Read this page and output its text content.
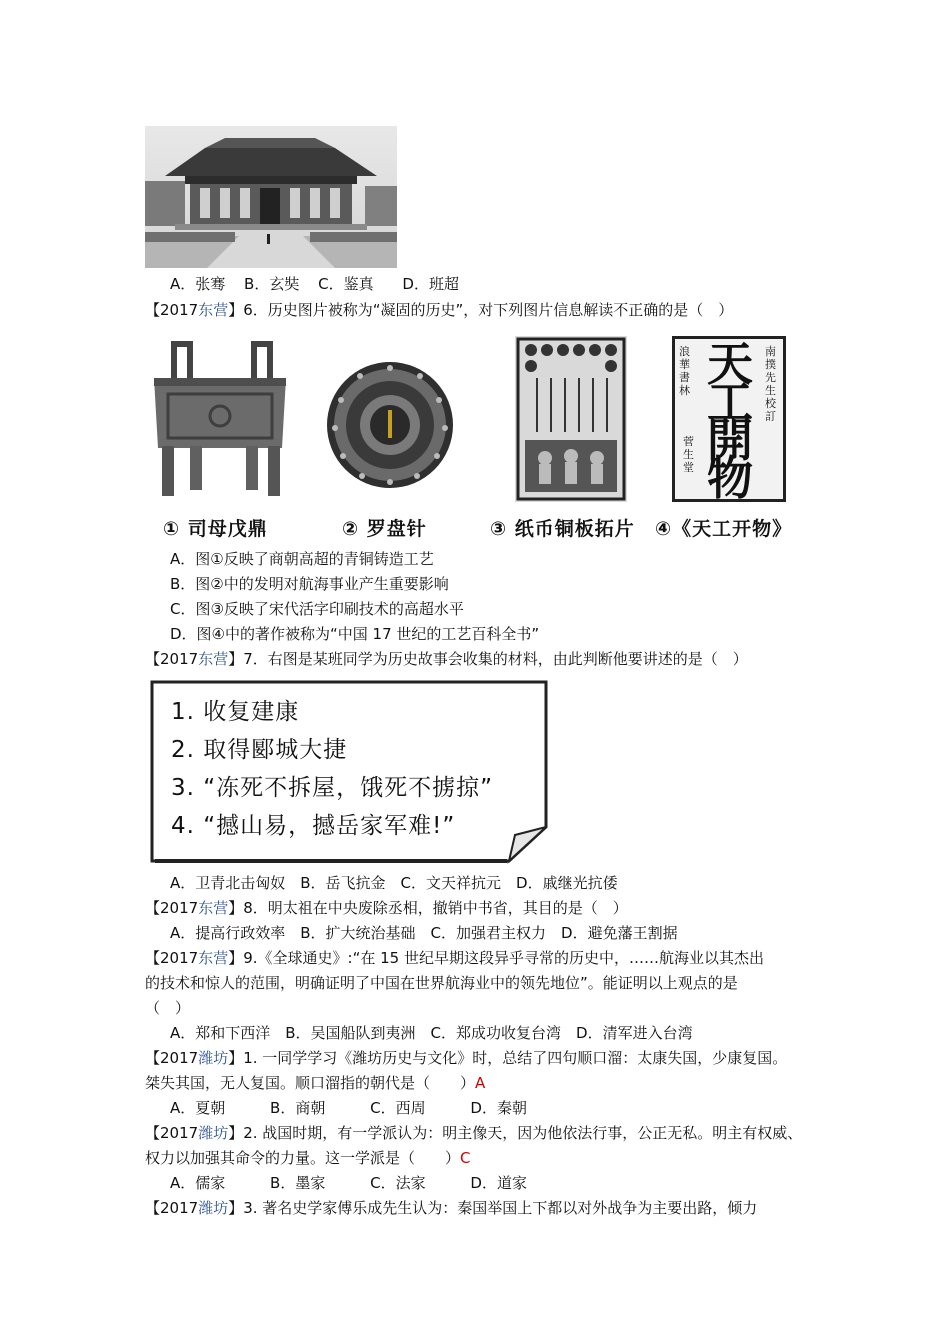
A．张骞 B．玄奘 C．鉴真 D．班超
【2017东营】6．历史图片被称为“凝固的历史”，对下列图片信息解读不正确的是（　）
浪華書林
南撲先生校訂
天工開物
菅生堂
① 司母戊鼎	② 罗盘针	③ 纸币铜板拓片 ④《天工开物》
A．图①反映了商朝高超的青铜铸造工艺
B．图②中的发明对航海事业产生重要影响
C．图③反映了宋代活字印刷技术的高超水平
D．图④中的著作被称为“中国 17 世纪的工艺百科全书”
【2017东营】7．右图是某班同学为历史故事会收集的材料，由此判断他要讲述的是（　）
1. 收复建康
2. 取得郾城大捷
3. “冻死不拆屋，饿死不掳掠”
4. “撼山易，撼岳家军难!”
A．卫青北击匈奴　B．岳飞抗金　C．文天祥抗元　D．戚继光抗倭
【2017东营】8．明太祖在中央废除丞相，撤销中书省，其目的是（　）
A．提高行政效率　B．扩大统治基础　C．加强君主权力　D．避免藩王割据
【2017东营】9.《全球通史》:“在 15 世纪早期这段异乎寻常的历史中，……航海业以其杰出
的技术和惊人的范围，明确证明了中国在世界航海业中的领先地位”。能证明以上观点的是
（　）
A．郑和下西洋　B．吴国船队到夷洲　C．郑成功收复台湾　D．清军进入台湾
【2017潍坊】1. 一同学学习《潍坊历史与文化》时，总结了四句顺口溜：太康失国，少康复国。
桀失其国，无人复国。顺口溜指的朝代是（　　）A
A．夏朝	B．商朝	C．西周	D．秦朝
【2017潍坊】2. 战国时期，有一学派认为：明主像天，因为他依法行事，公正无私。明主有权威、
权力以加强其命令的力量。这一学派是（　　）C
A．儒家	B．墨家	C．法家	D．道家
【2017潍坊】3. 著名史学家傅乐成先生认为：秦国举国上下都以对外战争为主要出路，倾力
